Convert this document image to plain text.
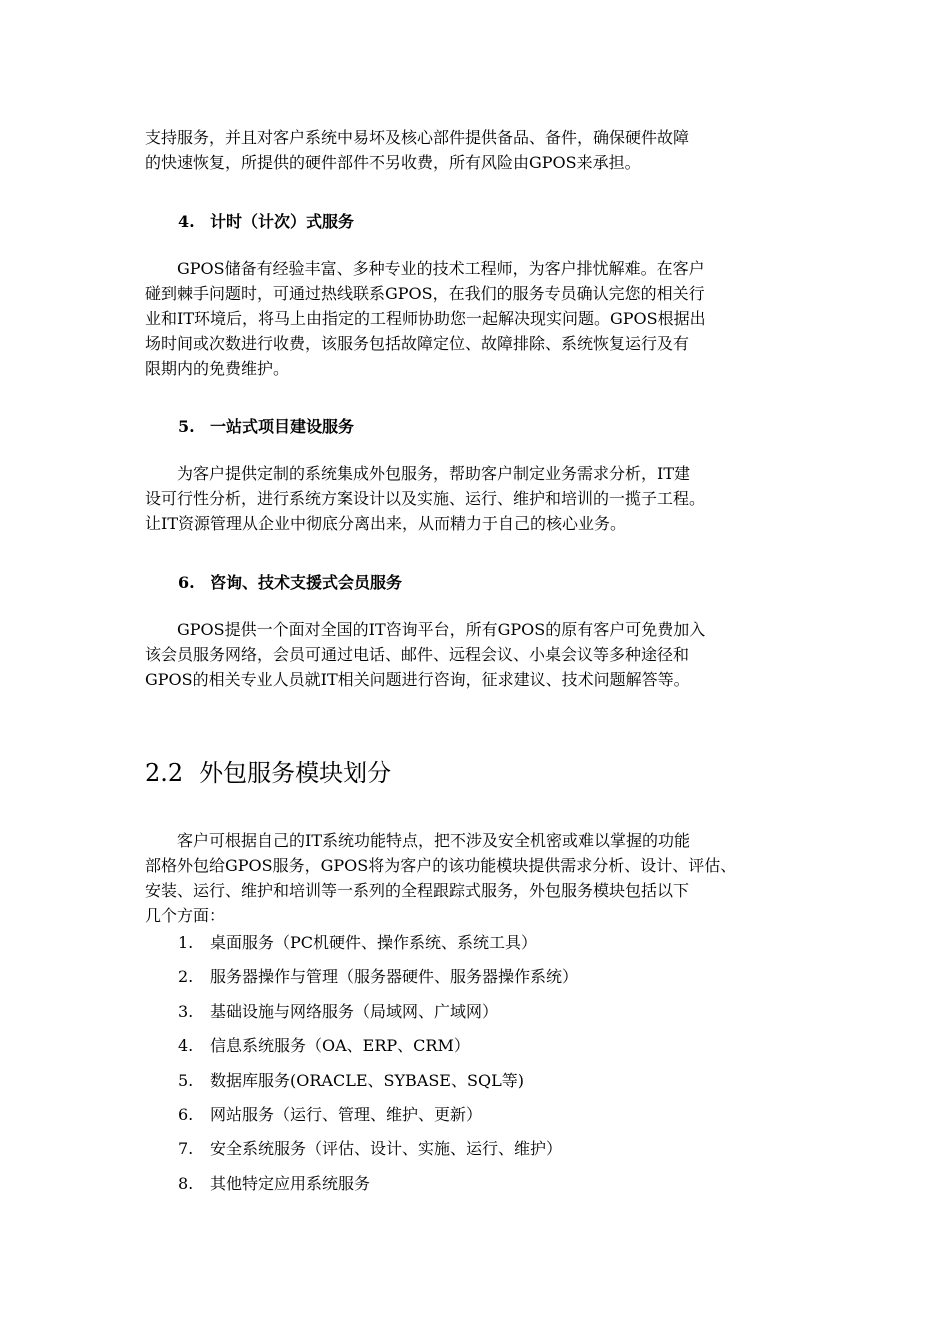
支持服务，并且对客户系统中易坏及核心部件提供备品、备件，确保硬件故障
的快速恢复，所提供的硬件部件不另收费，所有风险由GPOS来承担。

4. 计时（计次）式服务

　　GPOS储备有经验丰富、多种专业的技术工程师，为客户排忧解难。在客户
碰到棘手问题时，可通过热线联系GPOS，在我们的服务专员确认完您的相关行
业和IT环境后，将马上由指定的工程师协助您一起解决现实问题。GPOS根据出
场时间或次数进行收费，该服务包括故障定位、故障排除、系统恢复运行及有
限期内的免费维护。

5. 一站式项目建设服务

　　为客户提供定制的系统集成外包服务，帮助客户制定业务需求分析，IT建
设可行性分析，进行系统方案设计以及实施、运行、维护和培训的一揽子工程。
让IT资源管理从企业中彻底分离出来，从而精力于自己的核心业务。

6. 咨询、技术支援式会员服务

　　GPOS提供一个面对全国的IT咨询平台，所有GPOS的原有客户可免费加入
该会员服务网络，会员可通过电话、邮件、远程会议、小桌会议等多种途径和
GPOS的相关专业人员就IT相关问题进行咨询，征求建议、技术问题解答等。

2.2 外包服务模块划分

　　客户可根据自己的IT系统功能特点，把不涉及安全机密或难以掌握的功能
部格外包给GPOS服务，GPOS将为客户的该功能模块提供需求分析、设计、评估、
安装、运行、维护和培训等一系列的全程跟踪式服务，外包服务模块包括以下
几个方面：

1. 桌面服务（PC机硬件、操作系统、系统工具）
2. 服务器操作与管理（服务器硬件、服务器操作系统）
3. 基础设施与网络服务（局域网、广域网）
4. 信息系统服务（OA、ERP、CRM）
5. 数据库服务(ORACLE、SYBASE、SQL等)
6. 网站服务（运行、管理、维护、更新）
7. 安全系统服务（评估、设计、实施、运行、维护）
8. 其他特定应用系统服务
